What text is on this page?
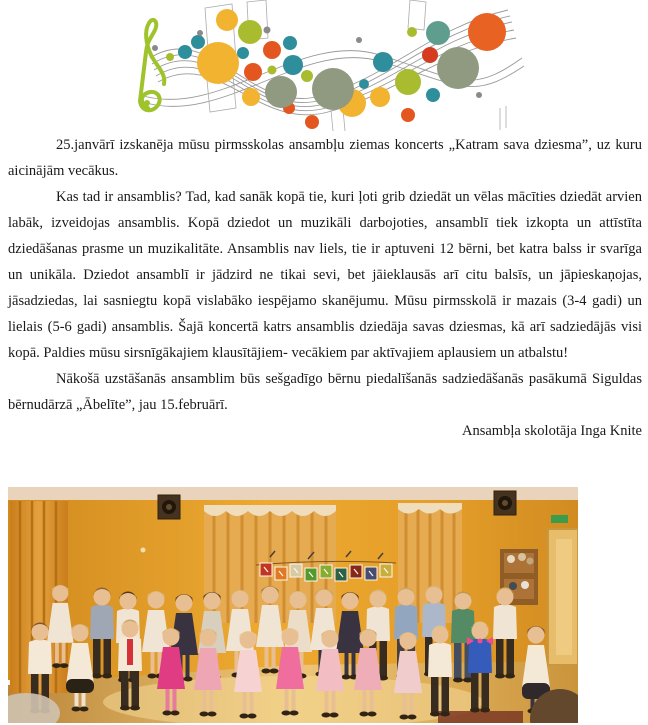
25.janvārī izskanēja mūsu pirmsskolas ansambļu ziemas koncerts „Katram sava dziesma”, uz kuru aicinājām vecākus.

Kas tad ir ansamblis? Tad, kad sanāk kopā tie, kuri ļoti grib dziedāt un vēlas mācīties dziedāt arvien labāk, izveidojas ansamblis. Kopā dziedot un muzikāli darbojoties, ansamblī tiek izkopta un attīstīta dziedāšanas prasme un muzikalitāte. Ansamblis nav liels, tie ir aptuveni 12 bērni, bet katra balss ir svarīga un unikāla. Dziedot ansamblī ir jādzird ne tikai sevi, bet jāieklausās arī citu balsīs, un jāpieskaņojas, jāsadziedas, lai sasniegtu kopā vislabāko iespējamo skanējumu. Mūsu pirmsskolā ir mazais (3-4 gadi) un lielais (5-6 gadi) ansamblis. Šajā koncertā katrs ansamblis dziedāja savas dziesmas, kā arī sadziedājās visi kopā. Paldies mūsu sirsnīgākajiem klausītājiem- vecākiem par aktīvajiem aplausiem un atbalstu!

Nākošā uzstāšanās ansamblim būs sešgadīgo bērnu piedalīšanās sadziedāšanās pasākumā Siguldas bērnudārzā „Ābelīte”, jau 15.februārī.

Ansambļa skolotāja Inga Knite
